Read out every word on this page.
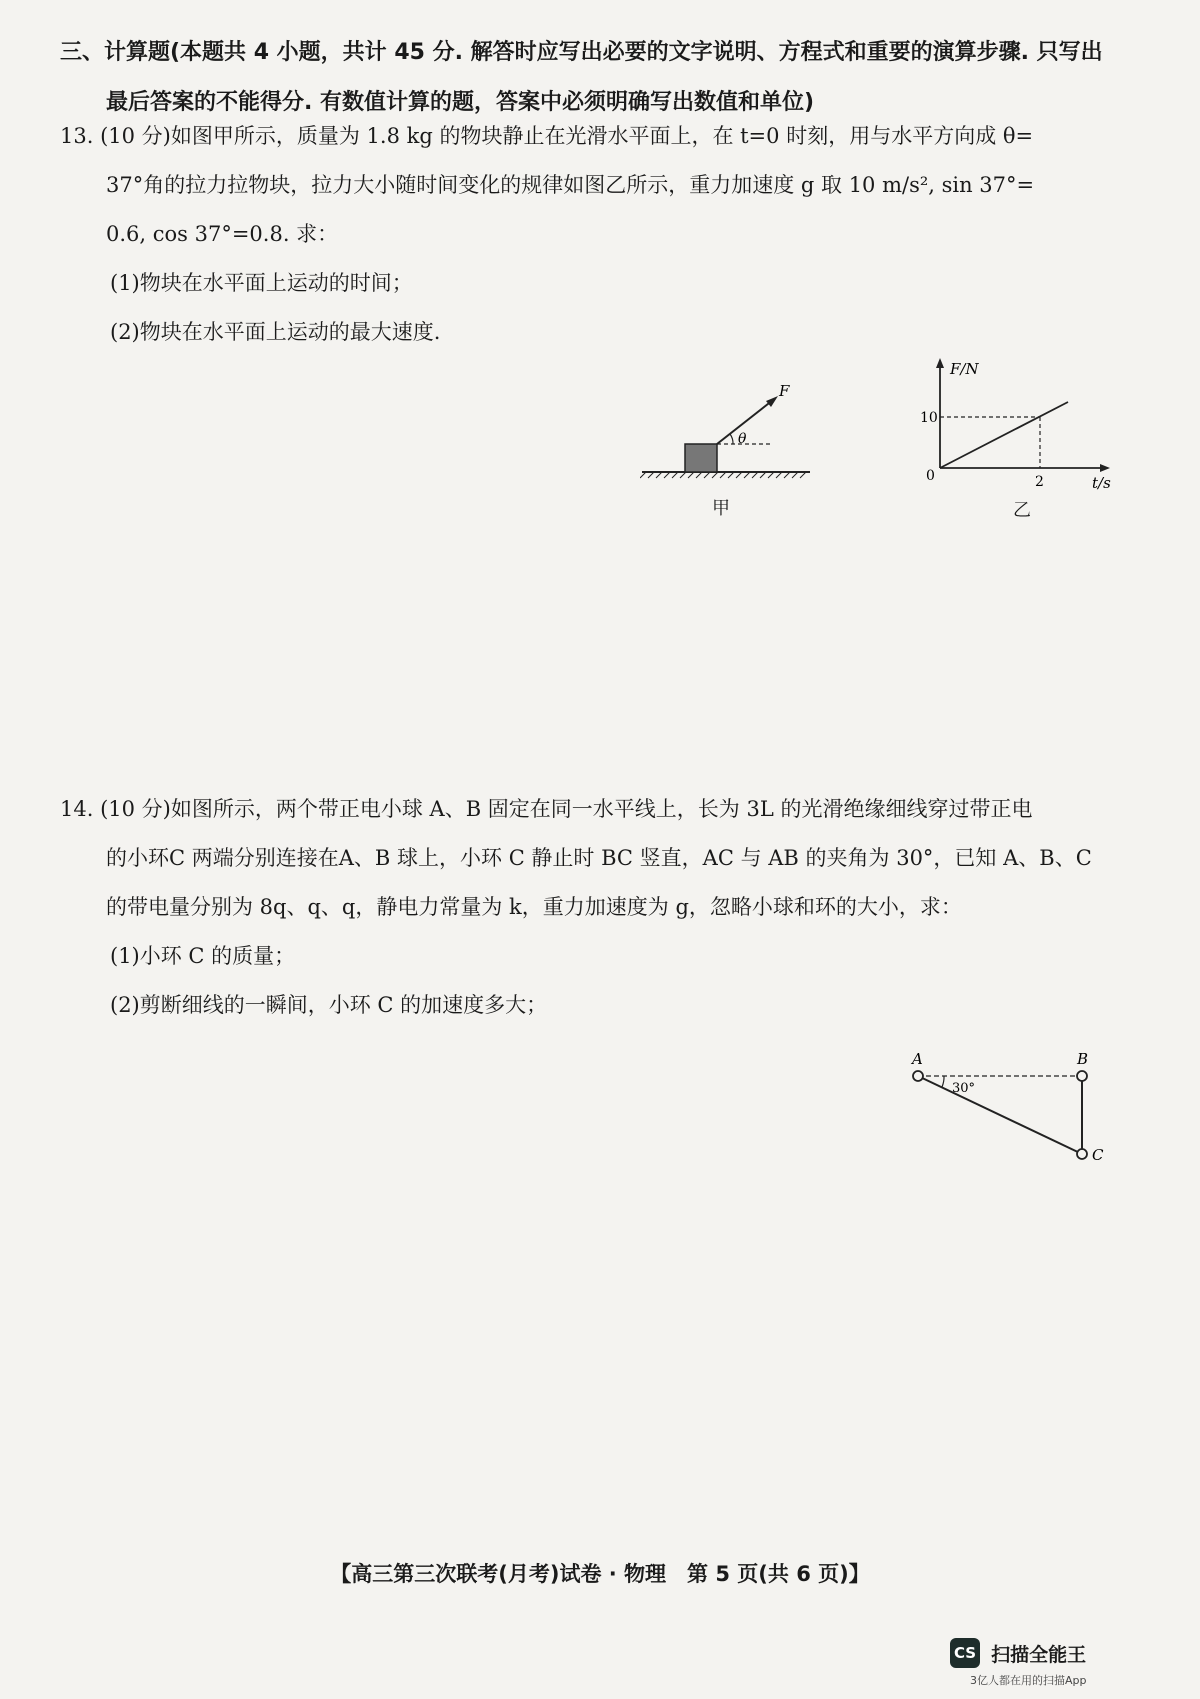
三、计算题(本题共 4 小题，共计 45 分. 解答时应写出必要的文字说明、方程式和重要的演算步骤. 只写出
最后答案的不能得分. 有数值计算的题，答案中必须明确写出数值和单位)
13. (10 分)如图甲所示，质量为 1.8 kg 的物块静止在光滑水平面上，在 t=0 时刻，用与水平方向成 θ=
37°角的拉力拉物块，拉力大小随时间变化的规律如图乙所示，重力加速度 g 取 10 m/s², sin 37°=
0.6, cos 37°=0.8. 求：
(1)物块在水平面上运动的时间；
(2)物块在水平面上运动的最大速度.
F
θ
甲
F/N
t/s
0
10
2
乙
14. (10 分)如图所示，两个带正电小球 A、B 固定在同一水平线上，长为 3L 的光滑绝缘细线穿过带正电
的小环C 两端分别连接在A、B 球上，小环 C 静止时 BC 竖直，AC 与 AB 的夹角为 30°，已知 A、B、C
的带电量分别为 8q、q、q，静电力常量为 k，重力加速度为 g，忽略小球和环的大小，求：
(1)小环 C 的质量；
(2)剪断细线的一瞬间，小环 C 的加速度多大；
A	B
C
30°
【高三第三次联考(月考)试卷 · 物理　第 5 页(共 6 页)】
CS 扫描全能王
3亿人都在用的扫描App
